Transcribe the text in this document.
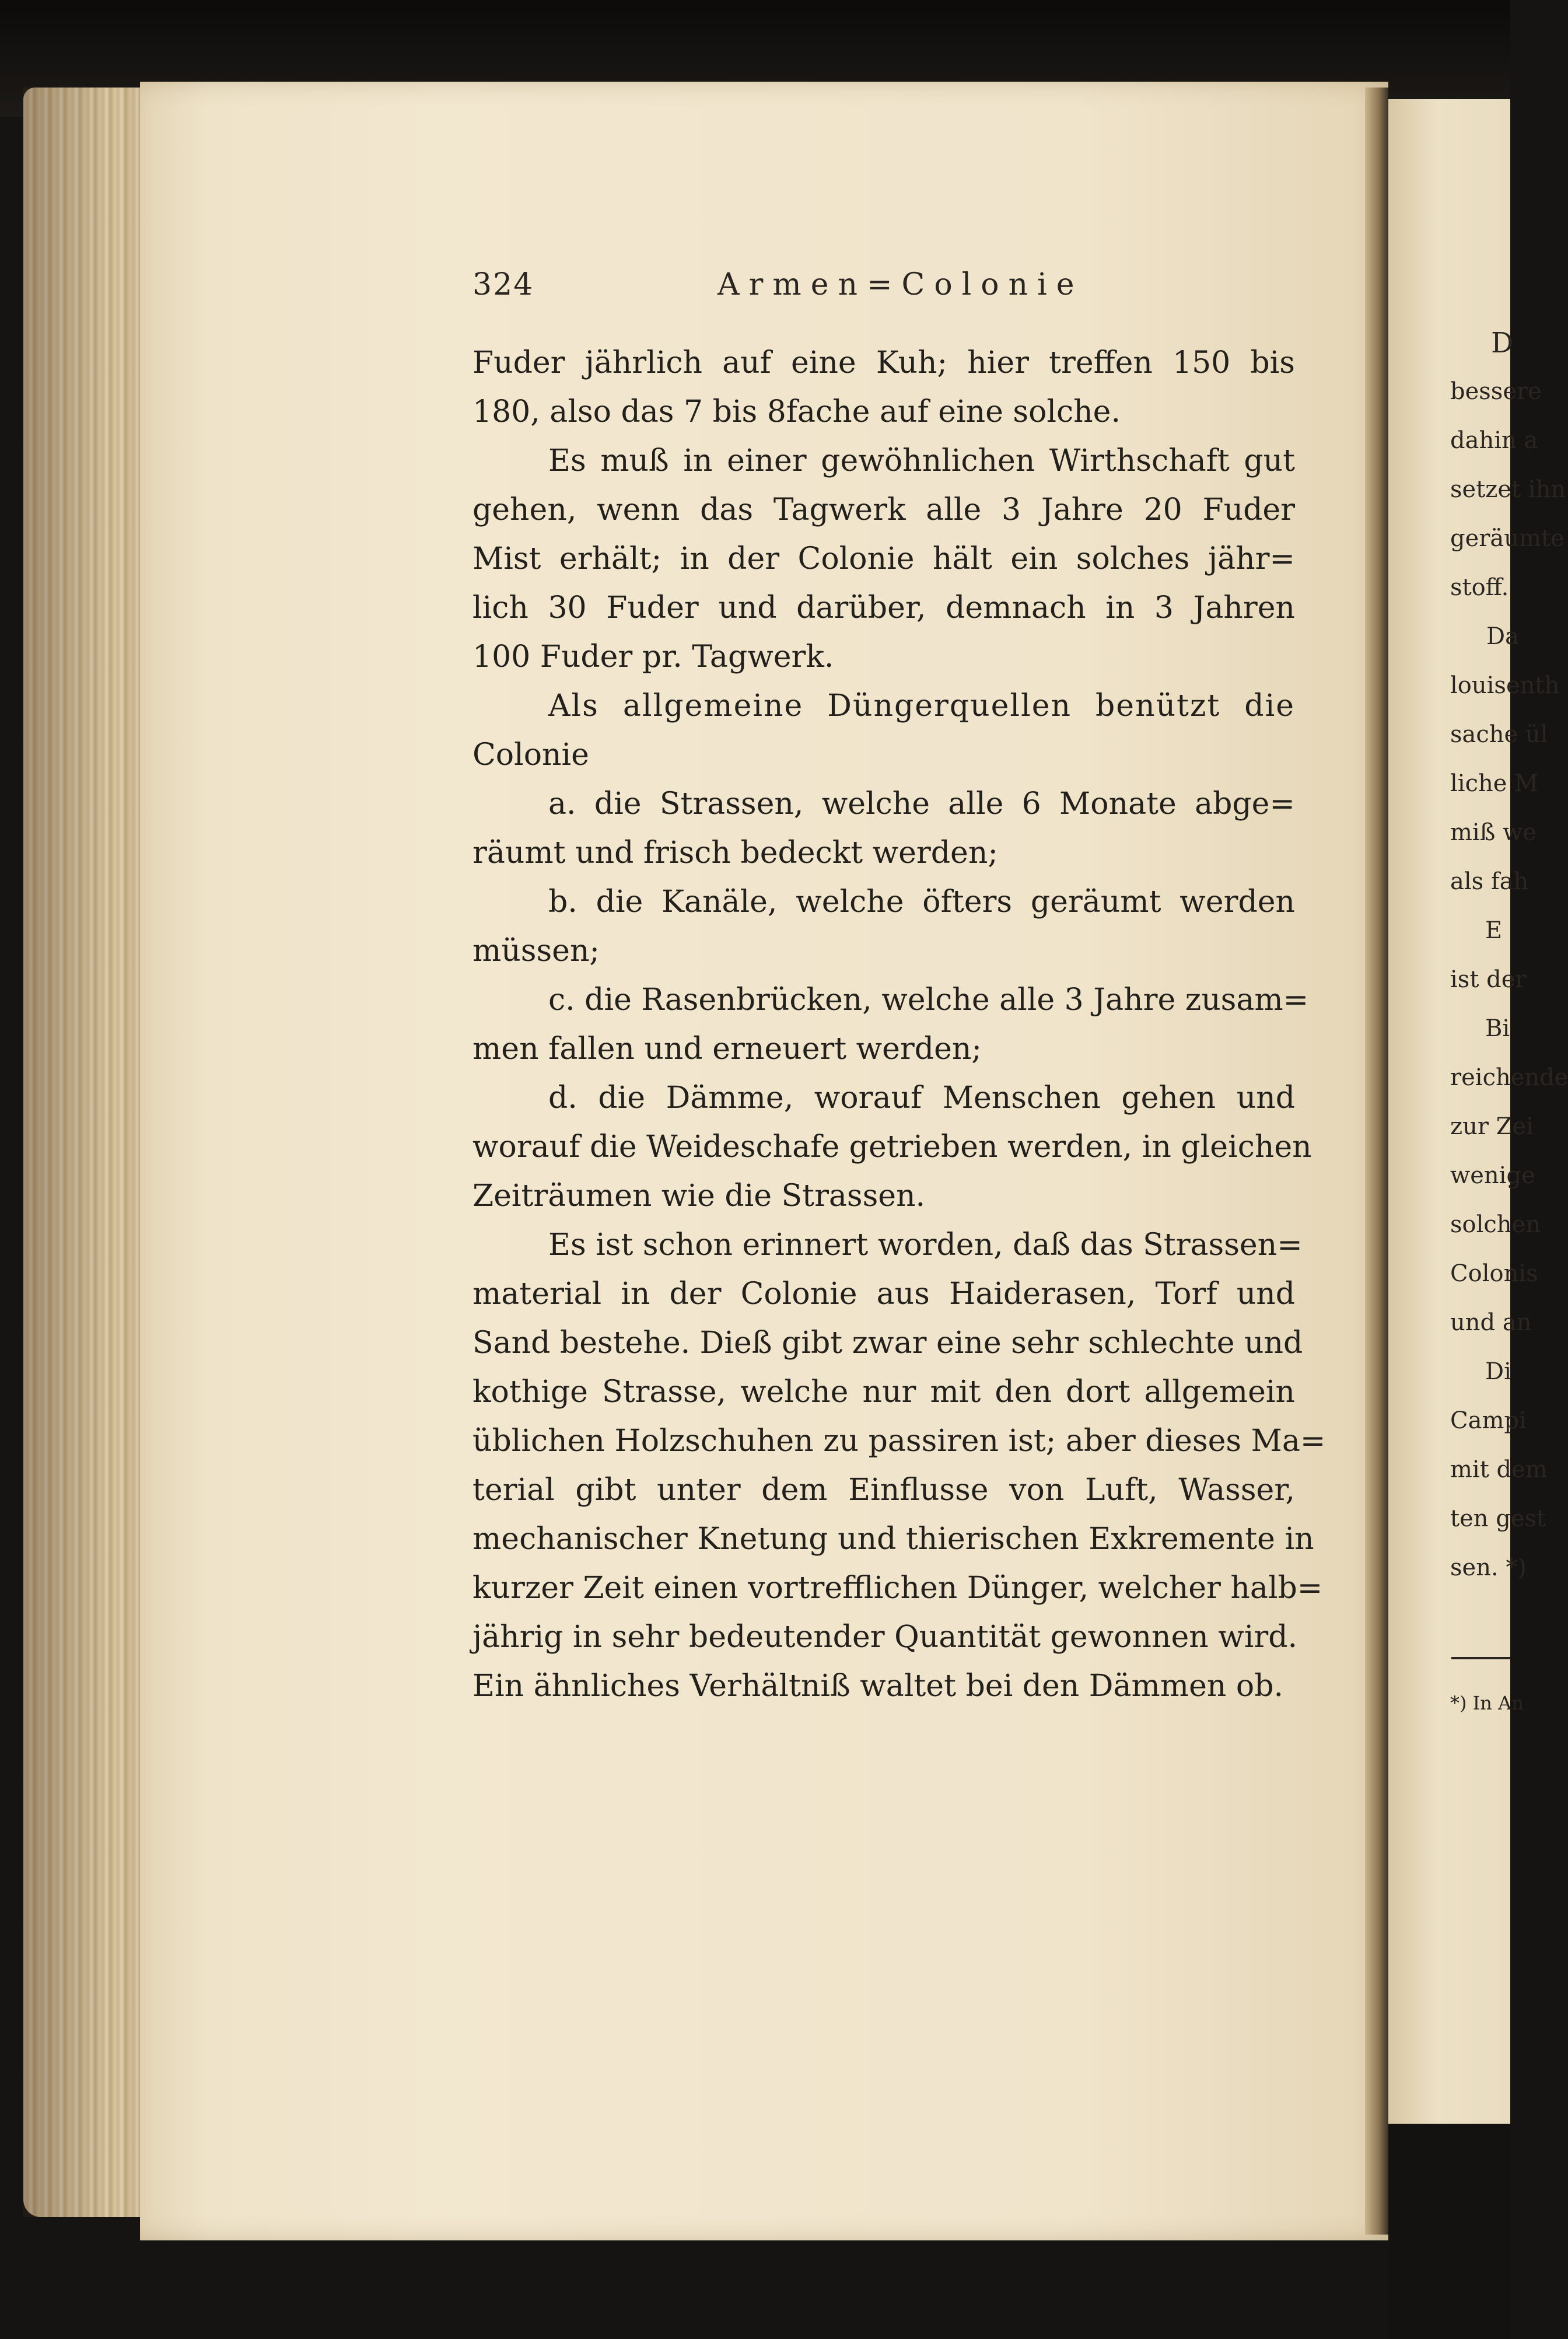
324	Armen=Colonie
Fuder jährlich auf eine Kuh; hier treffen 150 bis
180, also das 7 bis 8fache auf eine solche.
Es muß in einer gewöhnlichen Wirthschaft gut
gehen, wenn das Tagwerk alle 3 Jahre 20 Fuder
Mist erhält; in der Colonie hält ein solches jähr=
lich 30 Fuder und darüber, demnach in 3 Jahren
100 Fuder pr. Tagwerk.
Als allgemeine Düngerquellen benützt die
Colonie
a. die Strassen, welche alle 6 Monate abge=
räumt und frisch bedeckt werden;
b. die Kanäle, welche öfters geräumt werden
müssen;
c. die Rasenbrücken, welche alle 3 Jahre zusam=
men fallen und erneuert werden;
d. die Dämme, worauf Menschen gehen und
worauf die Weideschafe getrieben werden, in gleichen
Zeiträumen wie die Strassen.
Es ist schon erinnert worden, daß das Strassen=
material in der Colonie aus Haiderasen, Torf und
Sand bestehe. Dieß gibt zwar eine sehr schlechte und
kothige Strasse, welche nur mit den dort allgemein
üblichen Holzschuhen zu passiren ist; aber dieses Ma=
terial gibt unter dem Einflusse von Luft, Wasser,
mechanischer Knetung und thierischen Exkremente in
kurzer Zeit einen vortrefflichen Dünger, welcher halb=
jährig in sehr bedeutender Quantität gewonnen wird.
Ein ähnliches Verhältniß waltet bei den Dämmen ob.
D
bessere
dahin a
setzet ihn
geräumte
stoff.
Da
louisenth
sache ül
liche M
miß we
als fah
E
ist der
Bi
reichende
zur Zei
wenige
solchen
Colonis
und an
Di
Campi
mit dem
ten gest
sen. *)
*) In An
